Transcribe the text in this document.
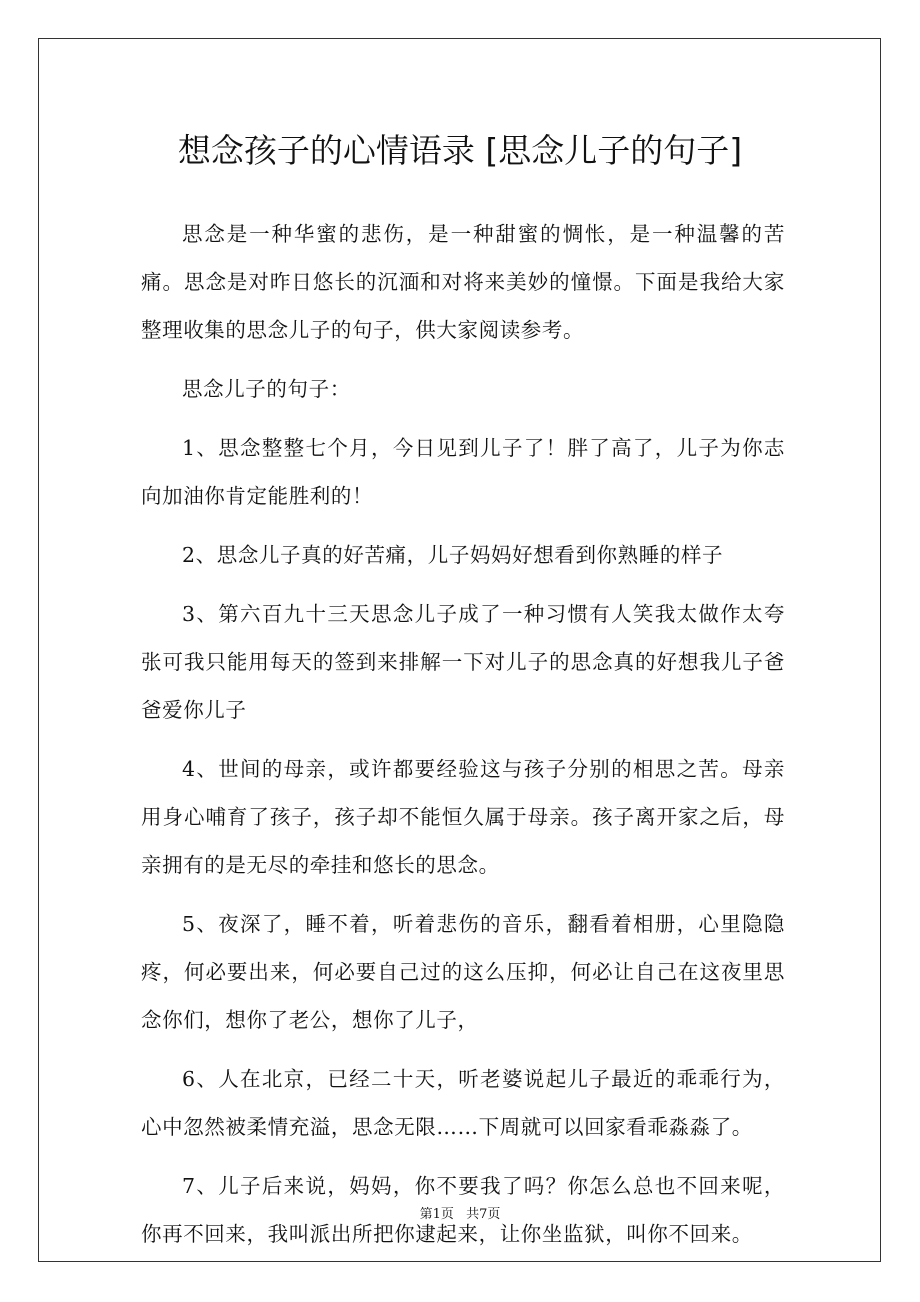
想念孩子的心情语录 [思念儿子的句子]

思念是一种华蜜的悲伤，是一种甜蜜的惆怅，是一种温馨的苦痛。思念是对昨日悠长的沉湎和对将来美妙的憧憬。下面是我给大家整理收集的思念儿子的句子，供大家阅读参考。

思念儿子的句子：

1、思念整整七个月，今日见到儿子了！胖了高了，儿子为你志向加油你肯定能胜利的！

2、思念儿子真的好苦痛，儿子妈妈好想看到你熟睡的样子

3、第六百九十三天思念儿子成了一种习惯有人笑我太做作太夸张可我只能用每天的签到来排解一下对儿子的思念真的好想我儿子爸爸爱你儿子

4、世间的母亲，或许都要经验这与孩子分别的相思之苦。母亲用身心哺育了孩子，孩子却不能恒久属于母亲。孩子离开家之后，母亲拥有的是无尽的牵挂和悠长的思念。

5、夜深了，睡不着，听着悲伤的音乐，翻看着相册，心里隐隐疼，何必要出来，何必要自己过的这么压抑，何必让自己在这夜里思念你们，想你了老公，想你了儿子，

6、人在北京，已经二十天，听老婆说起儿子最近的乖乖行为，心中忽然被柔情充溢，思念无限……下周就可以回家看乖淼淼了。

7、儿子后来说，妈妈，你不要我了吗？你怎么总也不回来呢，你再不回来，我叫派出所把你逮起来，让你坐监狱，叫你不回来。

第1页 共7页
